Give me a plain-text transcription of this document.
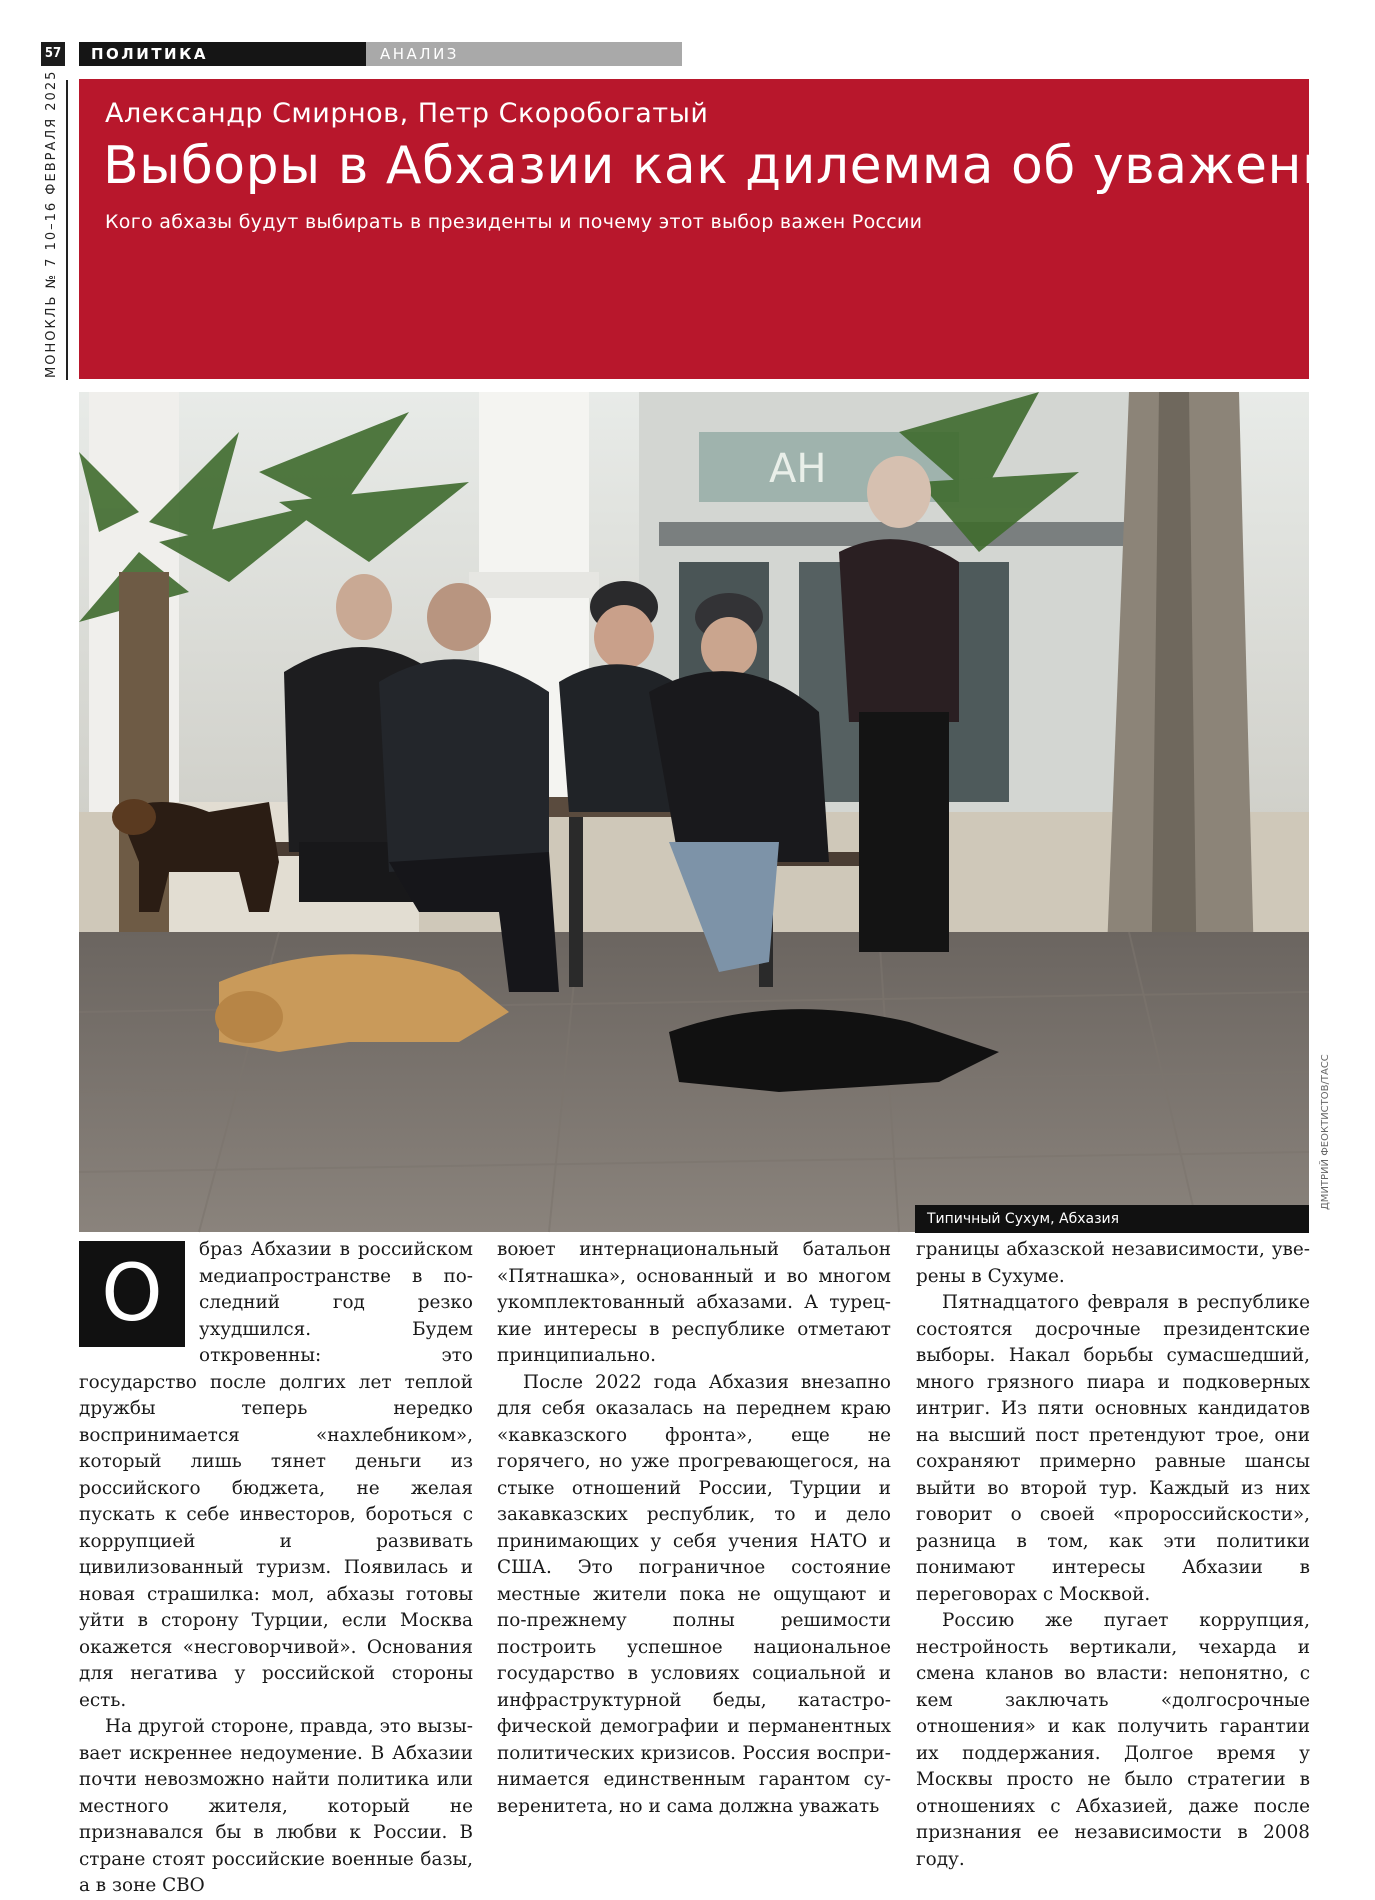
57	ПОЛИТИКА	АНАЛИЗ
МОНОКЛЬ № 7 10–16 ФЕВРАЛЯ 2025 Александр Смирнов, Петр Скоробогатый
Выборы в Абхазии как дилемма об уважении
Кого абхазы будут выбирать в президенты и почему этот выбор важен России
АН
Типичный Сухум, Абхазия
ДМИТРИЙ ФЕОКТИСТОВ/ТАСС
О	браз Абхазии в российском медиапространстве в последний год резко ухудшился. Будем откровенны: это государство после долгих лет теплой дружбы теперь нередко воспринимается «нахлебником», который лишь тянет деньги из российского бюджета, не желая пускать к себе инвесторов, бороться с коррупцией и развивать цивилизованный туризм. Появилась и новая страшилка: мол, абхазы готовы уйти в сторону Турции, если Москва окажется «несговорчивой». Основания для негатива у российской стороны есть.

На другой стороне, правда, это вызывает искреннее недоумение. В Абхазии почти невозможно найти политика или местного жителя, который не признавался бы в любви к России. В стране стоят российские военные базы, а в зоне СВО

воюет интернациональный батальон «Пятнашка», основанный и во многом укомплектованный абхазами. А турецкие интересы в республике отметают принципиально.

После 2022 года Абхазия внезапно для себя оказалась на переднем краю «кавказского фронта», еще не горячего, но уже прогревающегося, на стыке отношений России, Турции и закавказских республик, то и дело принимающих у себя учения НАТО и США. Это пограничное состояние местные жители пока не ощущают и по-прежнему полны решимости построить успешное национальное государство в условиях социальной и инфраструктурной беды, катастрофической демографии и перманентных политических кризисов. Россия воспринимается единственным гарантом суверенитета, но и сама должна уважать

границы абхазской независимости, уверены в Сухуме.

Пятнадцатого февраля в республике состоятся досрочные президентские выборы. Накал борьбы сумасшедший, много грязного пиара и подковерных интриг. Из пяти основных кандидатов на высший пост претендуют трое, они сохраняют примерно равные шансы выйти во второй тур. Каждый из них говорит о своей «пророссийскости», разница в том, как эти политики понимают интересы Абхазии в переговорах с Москвой.

Россию же пугает коррупция, нестройность вертикали, чехарда и смена кланов во власти: непонятно, с кем заключать «долгосрочные отношения» и как получить гарантии их поддержания. Долгое время у Москвы просто не было стратегии в отношениях с Абхазией, даже после признания ее независимости в 2008 году.
